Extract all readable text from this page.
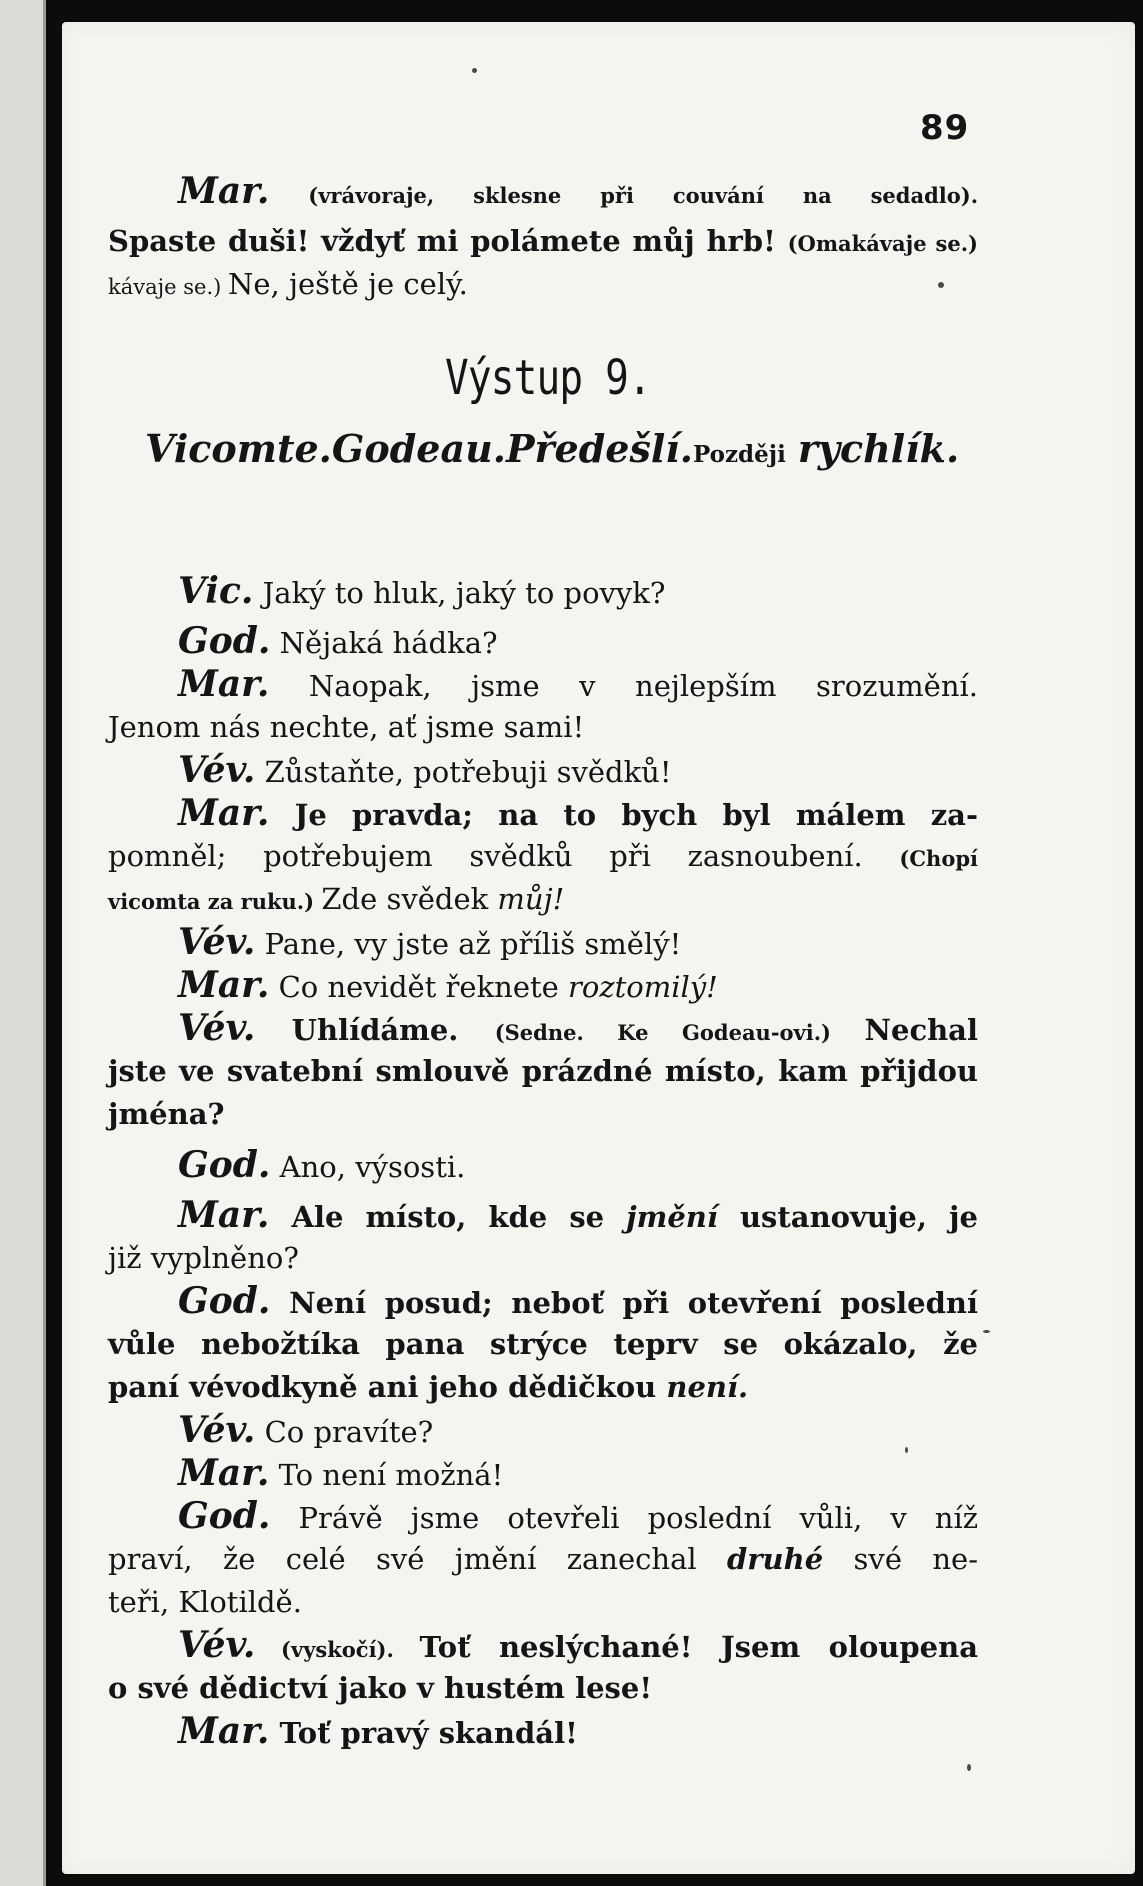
89
Výstup 9.
Vicomte. Godeau. Předešlí. Později rychlík.
Mar. (vrávoraje, sklesne při couvání na sedadlo).
Spaste duši! vždyť mi polámete můj hrb! (Omakávaje se.)
kávaje se.) Ne, ještě je celý.
Vic. Jaký to hluk, jaký to povyk?
God. Nějaká hádka?
Mar. Naopak, jsme v nejlepším srozumění.
Jenom nás nechte, ať jsme sami!
Vév. Zůstaňte, potřebuji svědků!
Mar. Je pravda; na to bych byl málem za-
pomněl; potřebujem svědků při zasnoubení. (Chopí
vicomta za ruku.) Zde svědek můj!
Vév. Pane, vy jste až příliš smělý!
Mar. Co nevidět řeknete roztomilý!
Vév. Uhlídáme. (Sedne. Ke Godeau-ovi.) Nechal
jste ve svatební smlouvě prázdné místo, kam přijdou
jména?
God. Ano, výsosti.
Mar. Ale místo, kde se jmění ustanovuje, je
již vyplněno?
God. Není posud; neboť při otevření poslední
vůle nebožtíka pana strýce teprv se okázalo, že
paní vévodkyně ani jeho dědičkou není.
Vév. Co pravíte?
Mar. To není možná!
God. Právě jsme otevřeli poslední vůli, v níž
praví, že celé své jmění zanechal druhé své ne-
teři, Klotildě.
Vév. (vyskočí). Toť neslýchané! Jsem oloupena
o své dědictví jako v hustém lese!
Mar. Toť pravý skandál!
